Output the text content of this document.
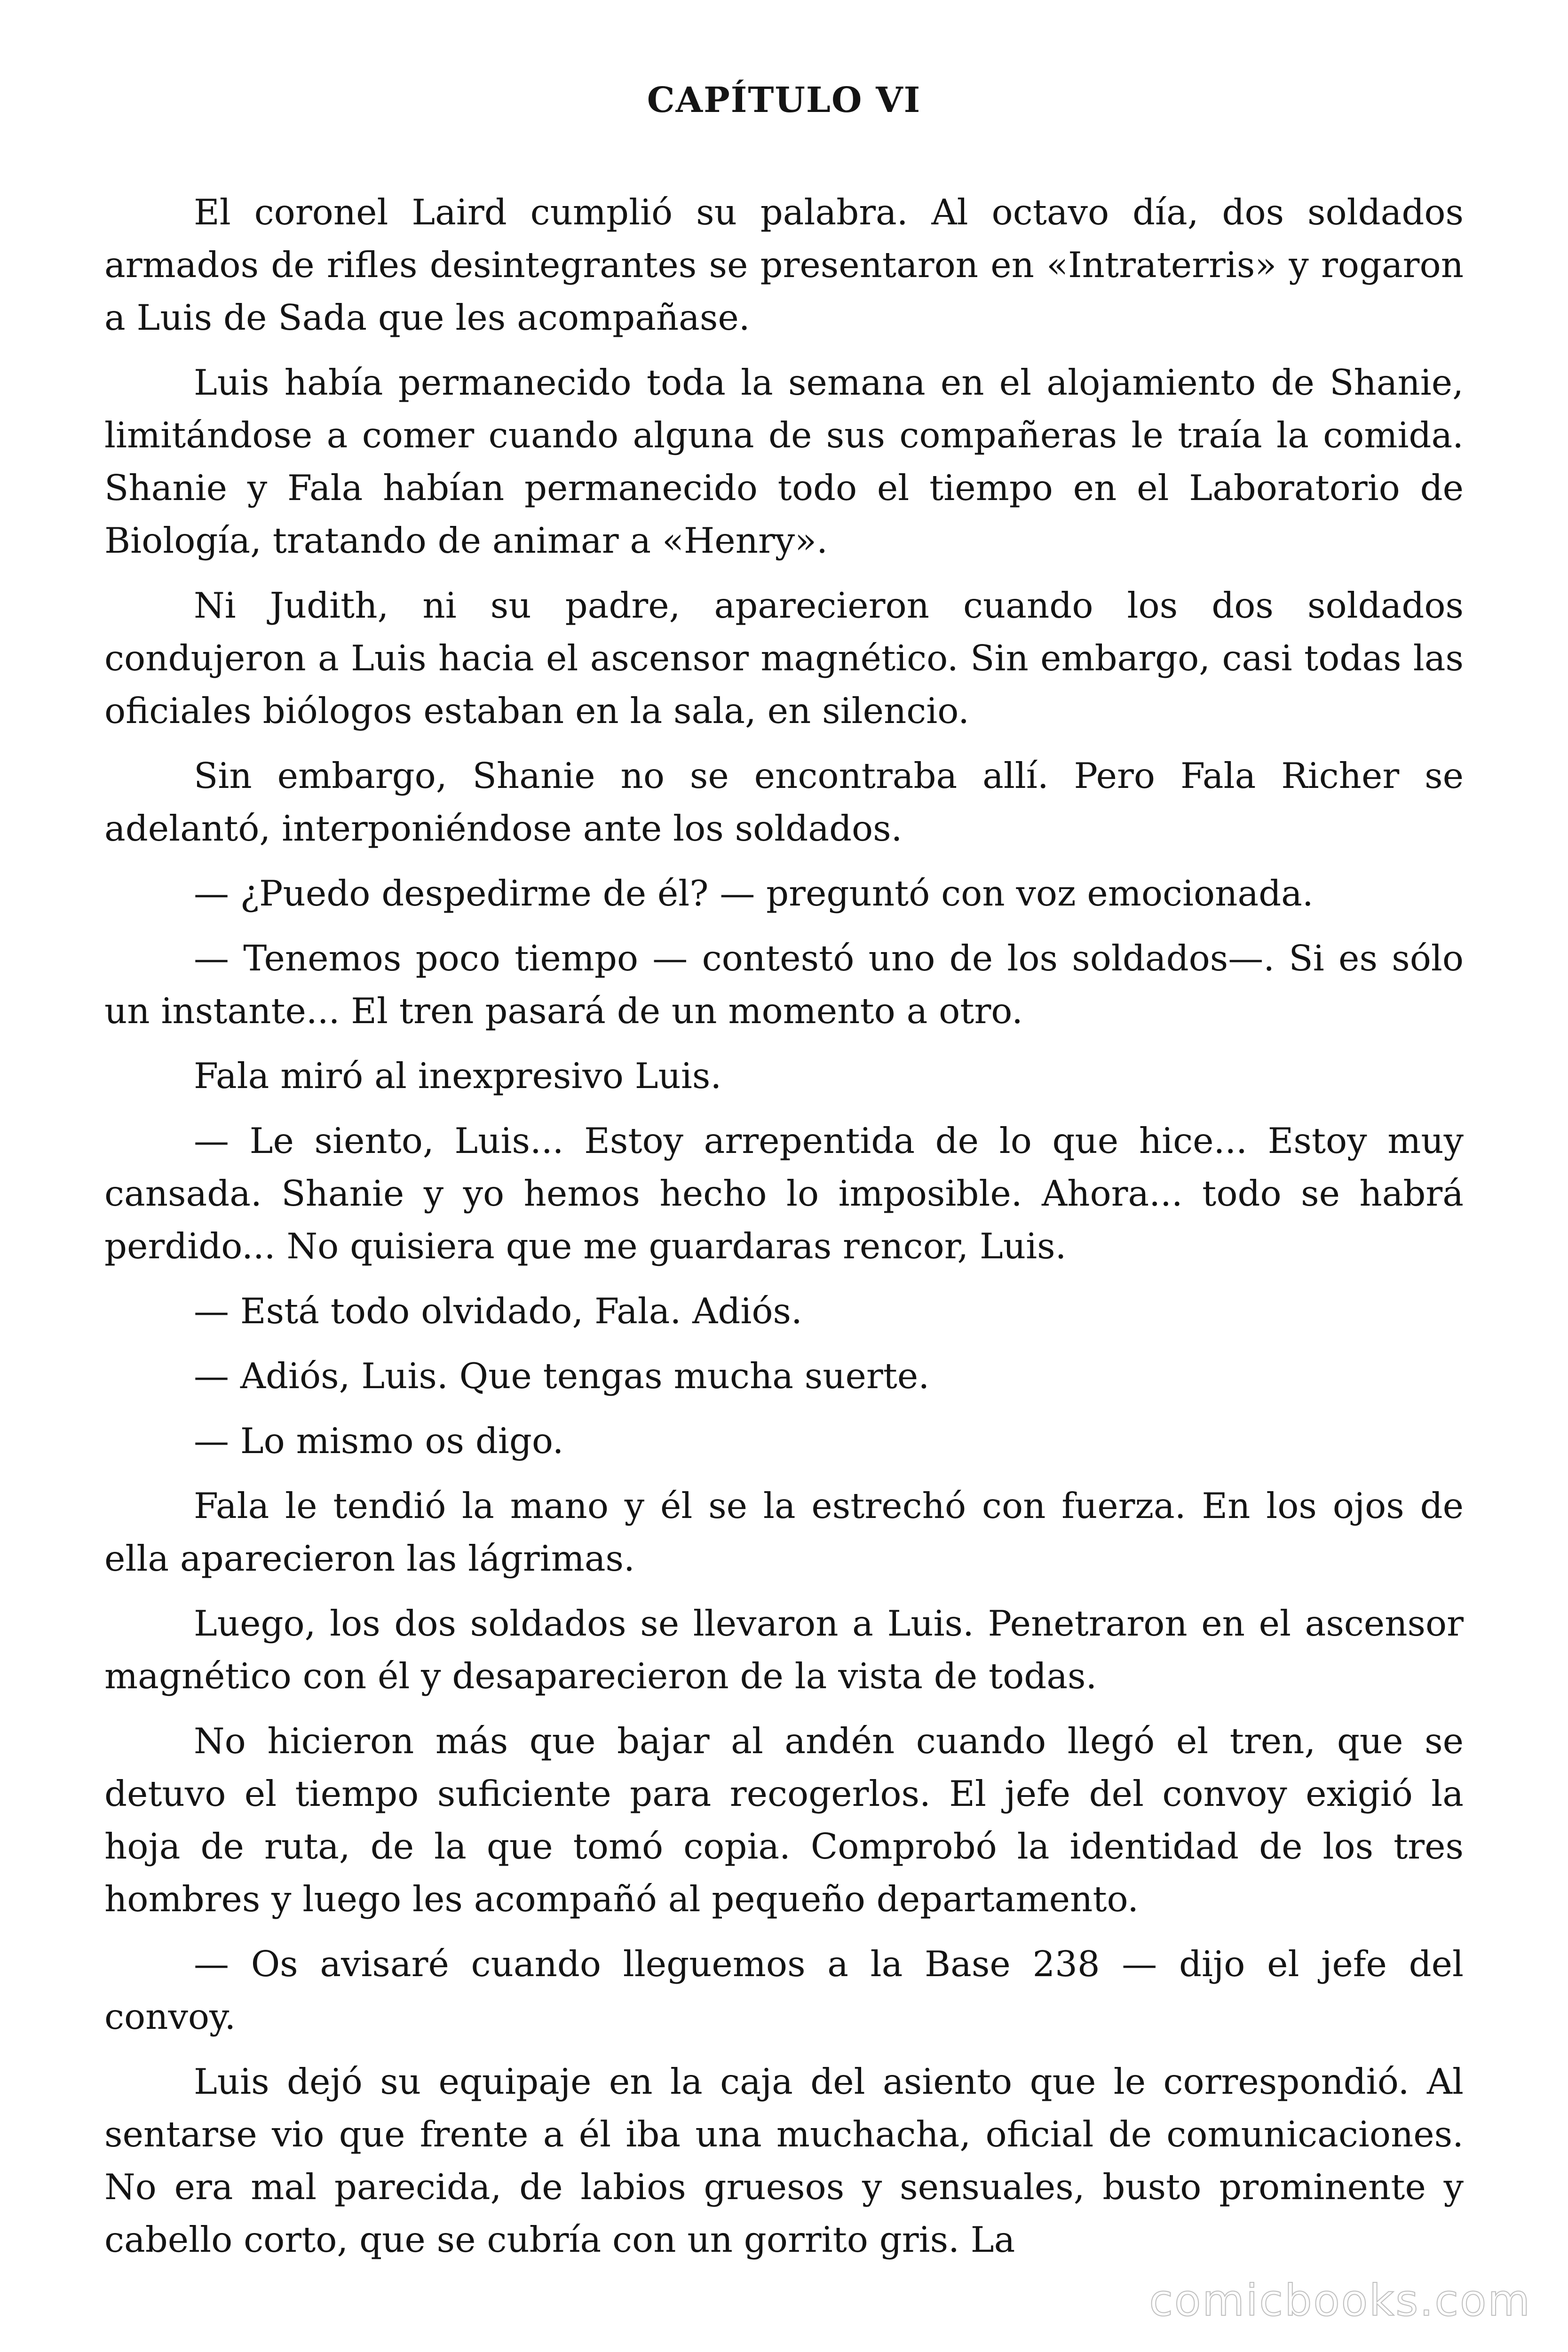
CAPÍTULO VI

El coronel Laird cumplió su palabra. Al octavo día, dos soldados armados de rifles desintegrantes se presentaron en «Intraterris» y rogaron a Luis de Sada que les acompañase.

Luis había permanecido toda la semana en el alojamiento de Shanie, limitándose a comer cuando alguna de sus compañeras le traía la comida. Shanie y Fala habían permanecido todo el tiempo en el Laboratorio de Biología, tratando de animar a «Henry».

Ni Judith, ni su padre, aparecieron cuando los dos soldados condujeron a Luis hacia el ascensor magnético. Sin embargo, casi todas las oficiales biólogos estaban en la sala, en silencio.

Sin embargo, Shanie no se encontraba allí. Pero Fala Richer se adelantó, interponiéndose ante los soldados.

— ¿Puedo despedirme de él? — preguntó con voz emocionada.

— Tenemos poco tiempo — contestó uno de los soldados—. Si es sólo un instante... El tren pasará de un momento a otro.

Fala miró al inexpresivo Luis.

— Le siento, Luis... Estoy arrepentida de lo que hice... Estoy muy cansada. Shanie y yo hemos hecho lo imposible. Ahora... todo se habrá perdido... No quisiera que me guardaras rencor, Luis.

— Está todo olvidado, Fala. Adiós.

— Adiós, Luis. Que tengas mucha suerte.

— Lo mismo os digo.

Fala le tendió la mano y él se la estrechó con fuerza. En los ojos de ella aparecieron las lágrimas.

Luego, los dos soldados se llevaron a Luis. Penetraron en el ascensor magnético con él y desaparecieron de la vista de todas.

No hicieron más que bajar al andén cuando llegó el tren, que se detuvo el tiempo suficiente para recogerlos. El jefe del convoy exigió la hoja de ruta, de la que tomó copia. Comprobó la identidad de los tres hombres y luego les acompañó al pequeño departamento.

— Os avisaré cuando lleguemos a la Base 238 — dijo el jefe del convoy.

Luis dejó su equipaje en la caja del asiento que le correspondió. Al sentarse vio que frente a él iba una muchacha, oficial de comunicaciones. No era mal parecida, de labios gruesos y sensuales, busto prominente y cabello corto, que se cubría con un gorrito gris. La

comicbooks.com
